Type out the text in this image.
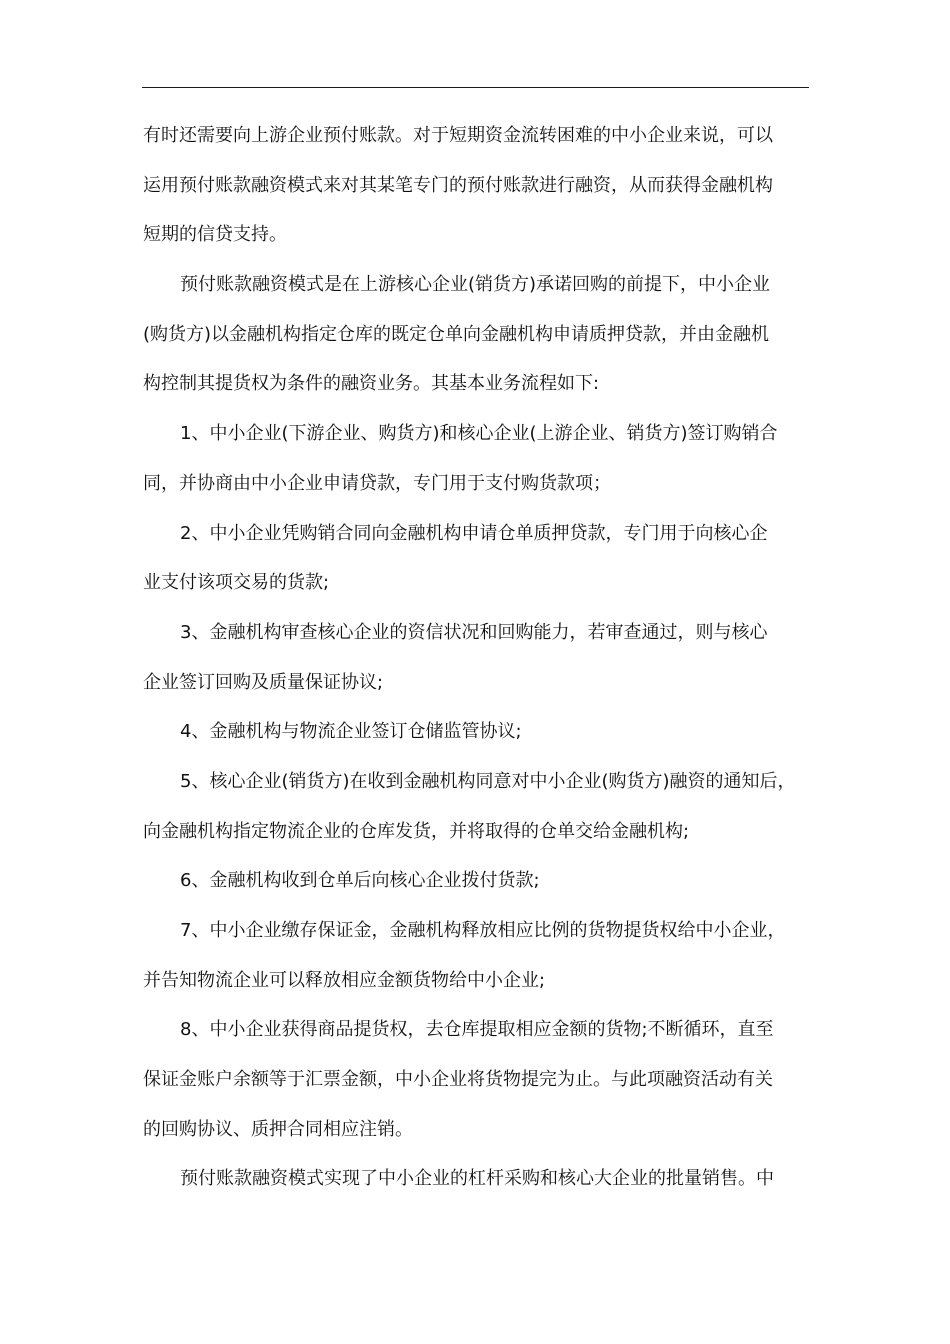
有时还需要向上游企业预付账款。对于短期资金流转困难的中小企业来说，可以
运用预付账款融资模式来对其某笔专门的预付账款进行融资，从而获得金融机构
短期的信贷支持。
预付账款融资模式是在上游核心企业(销货方)承诺回购的前提下，中小企业
(购货方)以金融机构指定仓库的既定仓单向金融机构申请质押贷款，并由金融机
构控制其提货权为条件的融资业务。其基本业务流程如下:
1、中小企业(下游企业、购货方)和核心企业(上游企业、销货方)签订购销合
同，并协商由中小企业申请贷款，专门用于支付购货款项；
2、中小企业凭购销合同向金融机构申请仓单质押贷款，专门用于向核心企
业支付该项交易的货款;
3、金融机构审查核心企业的资信状况和回购能力，若审查通过，则与核心
企业签订回购及质量保证协议;
4、金融机构与物流企业签订仓储监管协议;
5、核心企业(销货方)在收到金融机构同意对中小企业(购货方)融资的通知后，
向金融机构指定物流企业的仓库发货，并将取得的仓单交给金融机构;
6、金融机构收到仓单后向核心企业拨付货款;
7、中小企业缴存保证金，金融机构释放相应比例的货物提货权给中小企业，
并告知物流企业可以释放相应金额货物给中小企业;
8、中小企业获得商品提货权，去仓库提取相应金额的货物;不断循环，直至
保证金账户余额等于汇票金额，中小企业将货物提完为止。与此项融资活动有关
的回购协议、质押合同相应注销。
预付账款融资模式实现了中小企业的杠杆采购和核心大企业的批量销售。中
